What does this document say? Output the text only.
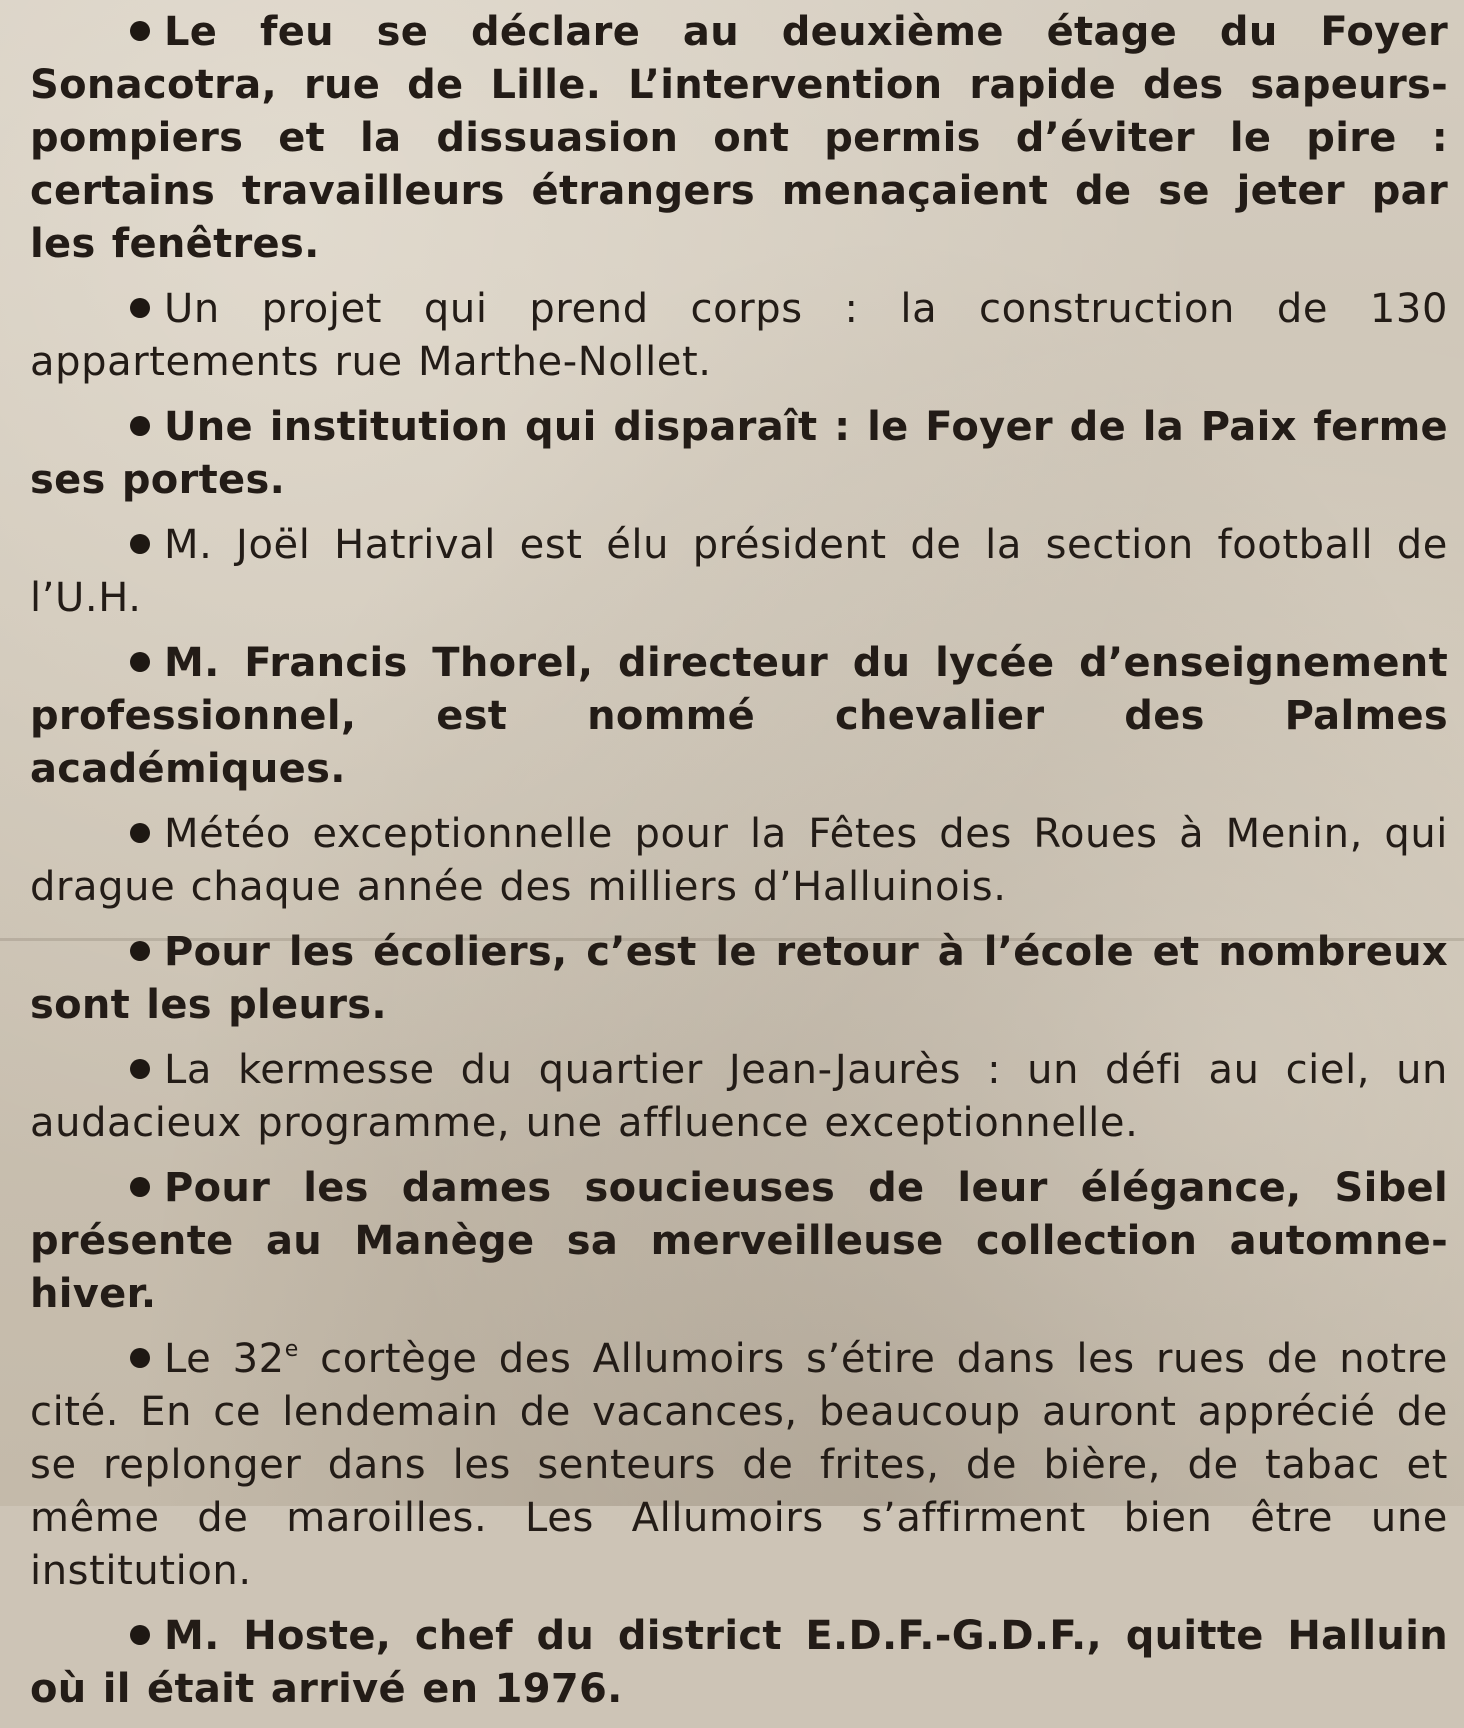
Le feu se déclare au deuxième étage du Foyer Sonacotra, rue de Lille. L’intervention rapide des sapeurs-pompiers et la dissuasion ont permis d’éviter le pire : certains travailleurs étrangers menaçaient de se jeter par les fenêtres.

Un projet qui prend corps : la construction de 130 appartements rue Marthe-Nollet.

Une institution qui disparaît : le Foyer de la Paix ferme ses portes.

M. Joël Hatrival est élu président de la section football de l’U.H.

M. Francis Thorel, directeur du lycée d’enseignement professionnel, est nommé chevalier des Palmes académiques.

Météo exceptionnelle pour la Fêtes des Roues à Menin, qui drague chaque année des milliers d’Halluinois.

Pour les écoliers, c’est le retour à l’école et nombreux sont les pleurs.

La kermesse du quartier Jean-Jaurès : un défi au ciel, un audacieux programme, une affluence exceptionnelle.

Pour les dames soucieuses de leur élégance, Sibel présente au Manège sa merveilleuse collection automne-hiver.

Le 32e cortège des Allumoirs s’étire dans les rues de notre cité. En ce lendemain de vacances, beaucoup auront apprécié de se replonger dans les senteurs de frites, de bière, de tabac et même de maroilles. Les Allumoirs s’affirment bien être une institution.

M. Hoste, chef du district E.D.F.-G.D.F., quitte Halluin où il était arrivé en 1976.
